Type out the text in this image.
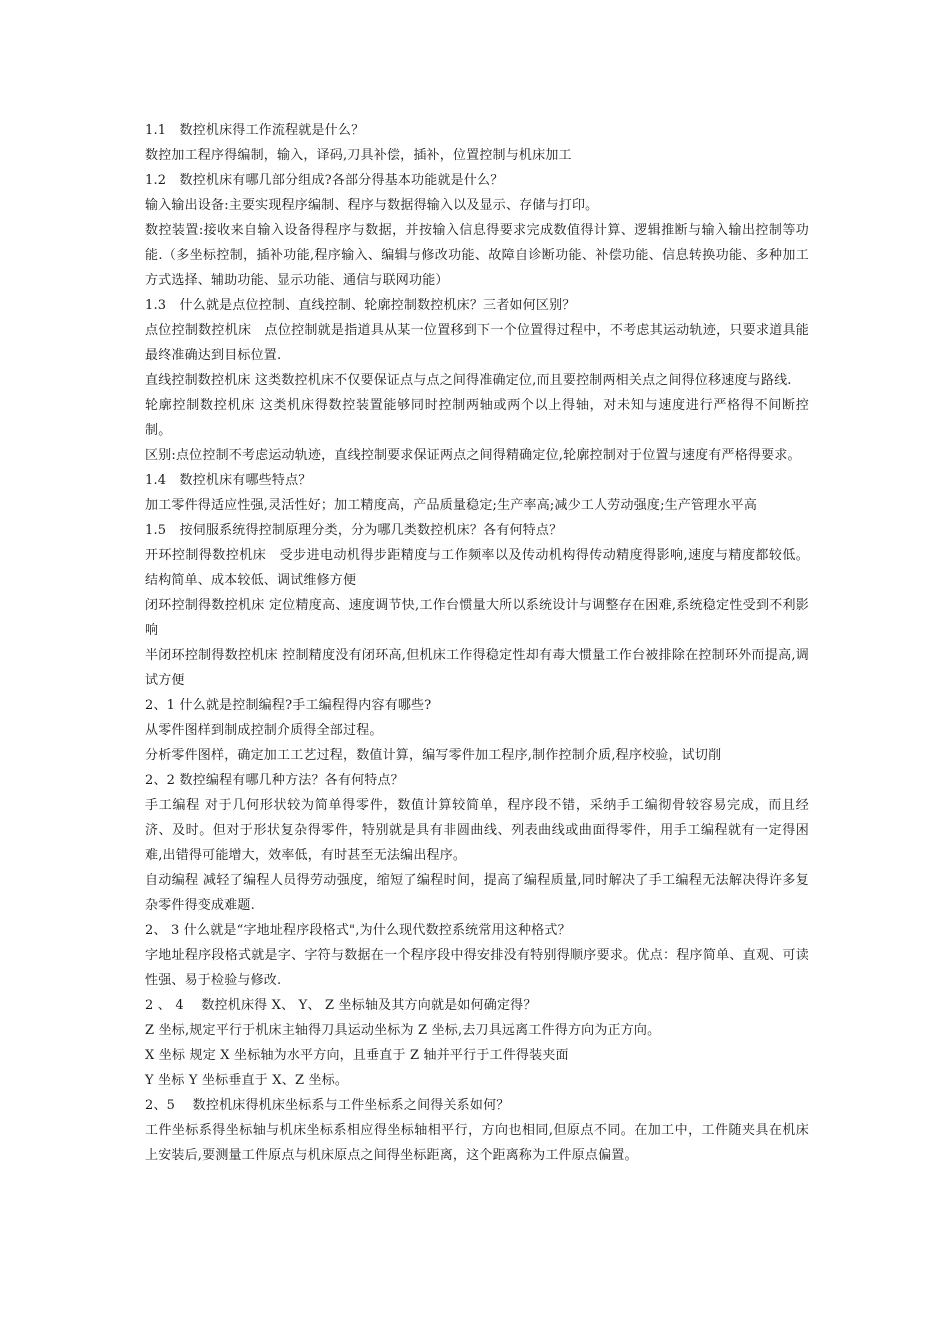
1.1　数控机床得工作流程就是什么？

数控加工程序得编制，输入，译码,刀具补偿，插补，位置控制与机床加工

1.2　数控机床有哪几部分组成?各部分得基本功能就是什么？

输入输出设备:主要实现程序编制、程序与数据得输入以及显示、存储与打印。

数控装置:接收来自输入设备得程序与数据，并按输入信息得要求完成数值得计算、逻辑推断与输入输出控制等功能.（多坐标控制，插补功能,程序输入、编辑与修改功能、故障自诊断功能、补偿功能、信息转换功能、多种加工方式选择、辅助功能、显示功能、通信与联网功能）

1.3　什么就是点位控制、直线控制、轮廓控制数控机床？三者如何区别？

点位控制数控机床　点位控制就是指道具从某一位置移到下一个位置得过程中，不考虑其运动轨迹，只要求道具能最终准确达到目标位置.

直线控制数控机床 这类数控机床不仅要保证点与点之间得准确定位,而且要控制两相关点之间得位移速度与路线.

轮廓控制数控机床 这类机床得数控装置能够同时控制两轴或两个以上得轴，对未知与速度进行严格得不间断控制。

区别:点位控制不考虑运动轨迹，直线控制要求保证两点之间得精确定位,轮廓控制对于位置与速度有严格得要求。

1.4　数控机床有哪些特点？

加工零件得适应性强,灵活性好；加工精度高，产品质量稳定;生产率高;减少工人劳动强度;生产管理水平高

1.5　按伺服系统得控制原理分类，分为哪几类数控机床？各有何特点？

开环控制得数控机床　受步进电动机得步距精度与工作频率以及传动机构得传动精度得影响,速度与精度都较低。结构简单、成本较低、调试维修方便

闭环控制得数控机床 定位精度高、速度调节快,工作台惯量大所以系统设计与调整存在困难,系统稳定性受到不利影响

半闭环控制得数控机床 控制精度没有闭环高,但机床工作得稳定性却有毒大惯量工作台被排除在控制环外而提高,调试方便

2、1 什么就是控制编程?手工编程得内容有哪些?

从零件图样到制成控制介质得全部过程。

分析零件图样，确定加工工艺过程，数值计算，编写零件加工程序,制作控制介质,程序校验，试切削

2、2 数控编程有哪几种方法？各有何特点？

手工编程 对于几何形状较为简单得零件，数值计算较简单，程序段不错，采纳手工编彻骨较容易完成，而且经济、及时。但对于形状复杂得零件，特别就是具有非圆曲线、列表曲线或曲面得零件，用手工编程就有一定得困难,出错得可能增大，效率低，有时甚至无法编出程序。

自动编程 减轻了编程人员得劳动强度，缩短了编程时间，提高了编程质量,同时解决了手工编程无法解决得许多复杂零件得变成难题.

2、 3 什么就是“字地址程序段格式",为什么现代数控系统常用这种格式？

字地址程序段格式就是字、字符与数据在一个程序段中得安排没有特别得顺序要求。优点：程序简单、直观、可读性强、易于检验与修改.

2 、 4　 数控机床得 X、 Y、 Z 坐标轴及其方向就是如何确定得？

Z 坐标,规定平行于机床主轴得刀具运动坐标为 Z 坐标,去刀具远离工件得方向为正方向。

X 坐标 规定 X 坐标轴为水平方向，且垂直于 Z 轴并平行于工件得装夹面

Y 坐标 Y 坐标垂直于 X、Z 坐标。

2、5　 数控机床得机床坐标系与工件坐标系之间得关系如何？

工件坐标系得坐标轴与机床坐标系相应得坐标轴相平行，方向也相同,但原点不同。在加工中，工件随夹具在机床上安装后,要测量工件原点与机床原点之间得坐标距离，这个距离称为工件原点偏置。
